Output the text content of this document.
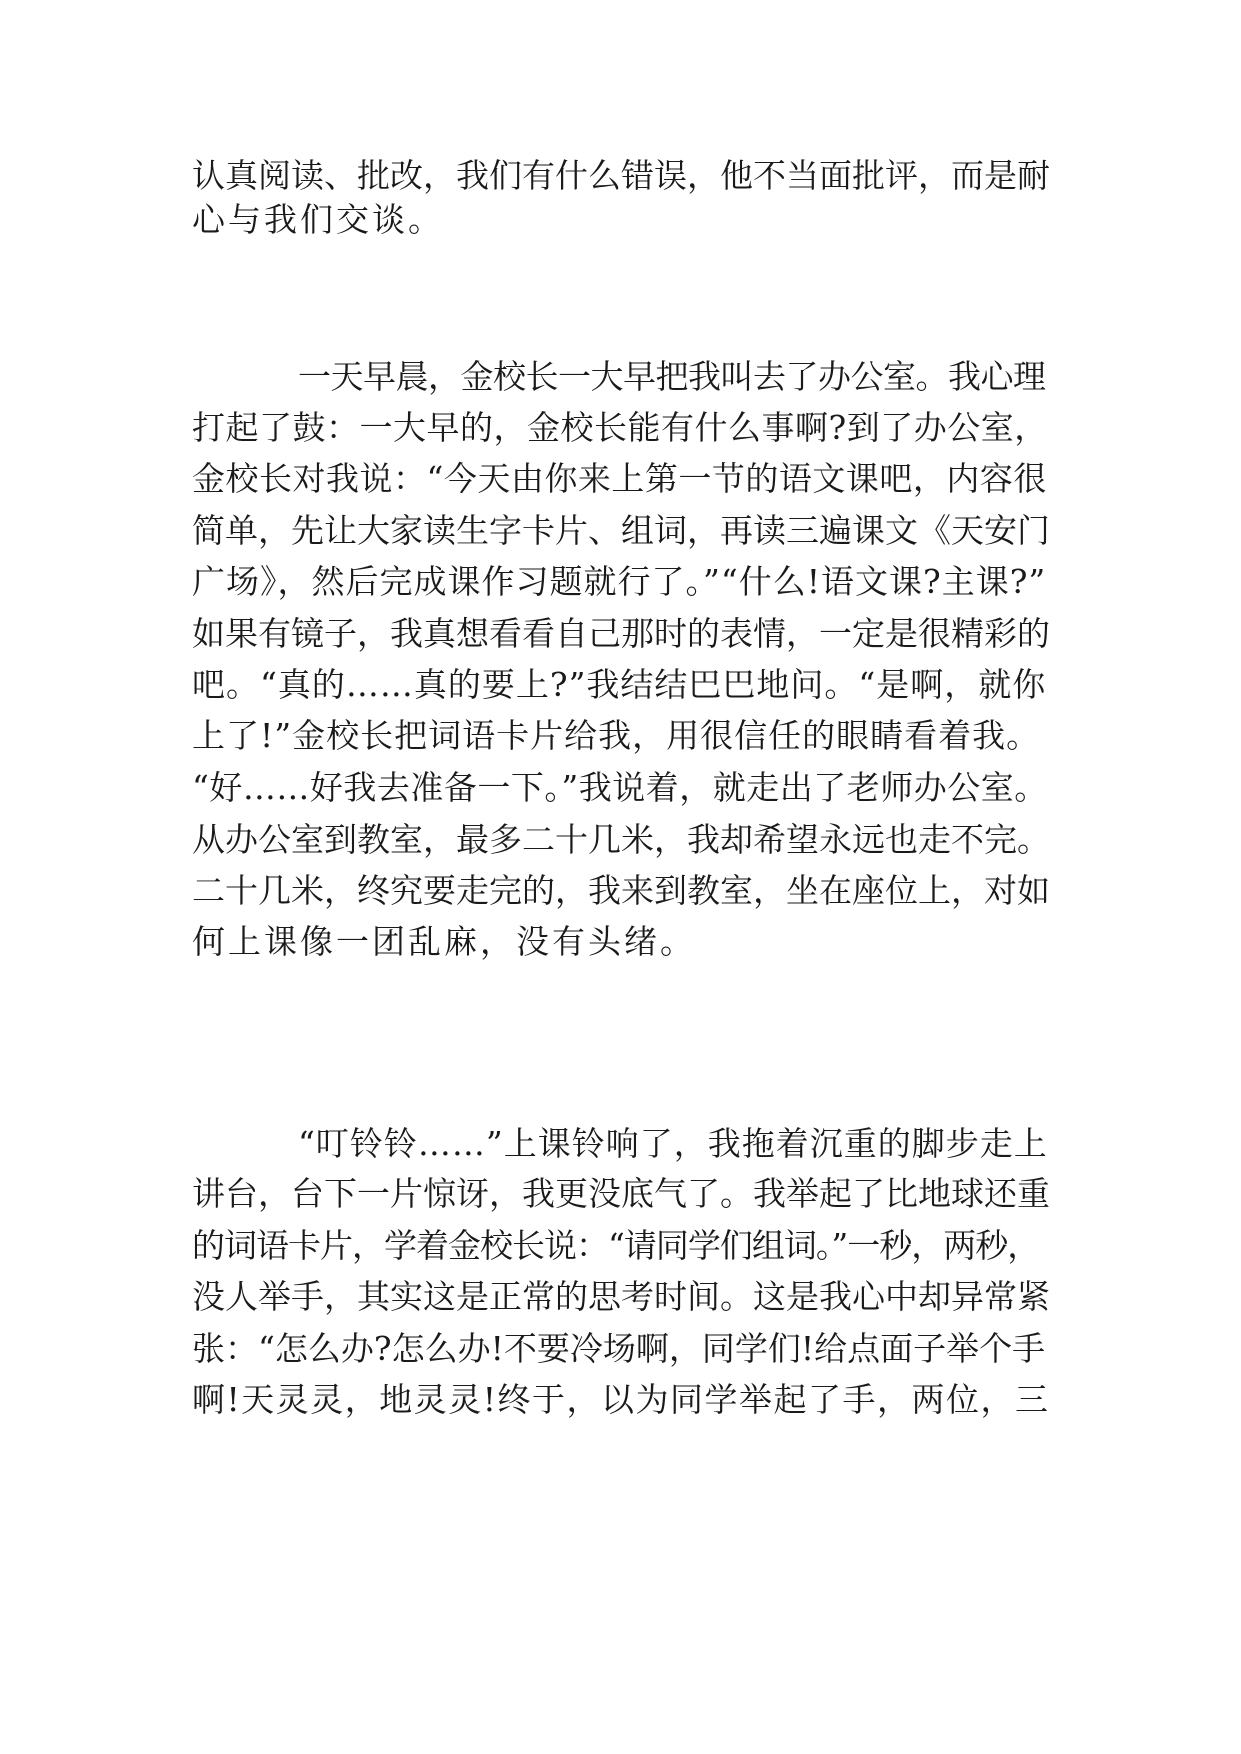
认真阅读、批改，我们有什么错误，他不当面批评，而是耐
心与我们交谈。
一天早晨，金校长一大早把我叫去了办公室。我心理
打起了鼓：一大早的，金校长能有什么事啊?到了办公室，
金校长对我说：“今天由你来上第一节的语文课吧，内容很
简单，先让大家读生字卡片、组词，再读三遍课文《天安门
广场》，然后完成课作习题就行了。”“什么!语文课?主课?”
如果有镜子，我真想看看自己那时的表情，一定是很精彩的
吧。“真的……真的要上?”我结结巴巴地问。“是啊，就你
上了!”金校长把词语卡片给我，用很信任的眼睛看着我。
“好……好我去准备一下。”我说着，就走出了老师办公室。
从办公室到教室，最多二十几米，我却希望永远也走不完。
二十几米，终究要走完的，我来到教室，坐在座位上，对如
何上课像一团乱麻，没有头绪。
“叮铃铃……”上课铃响了，我拖着沉重的脚步走上
讲台，台下一片惊讶，我更没底气了。我举起了比地球还重
的词语卡片，学着金校长说：“请同学们组词。”一秒，两秒，
没人举手，其实这是正常的思考时间。这是我心中却异常紧
张：“怎么办?怎么办!不要冷场啊，同学们!给点面子举个手
啊!天灵灵，地灵灵!终于，以为同学举起了手，两位，三
